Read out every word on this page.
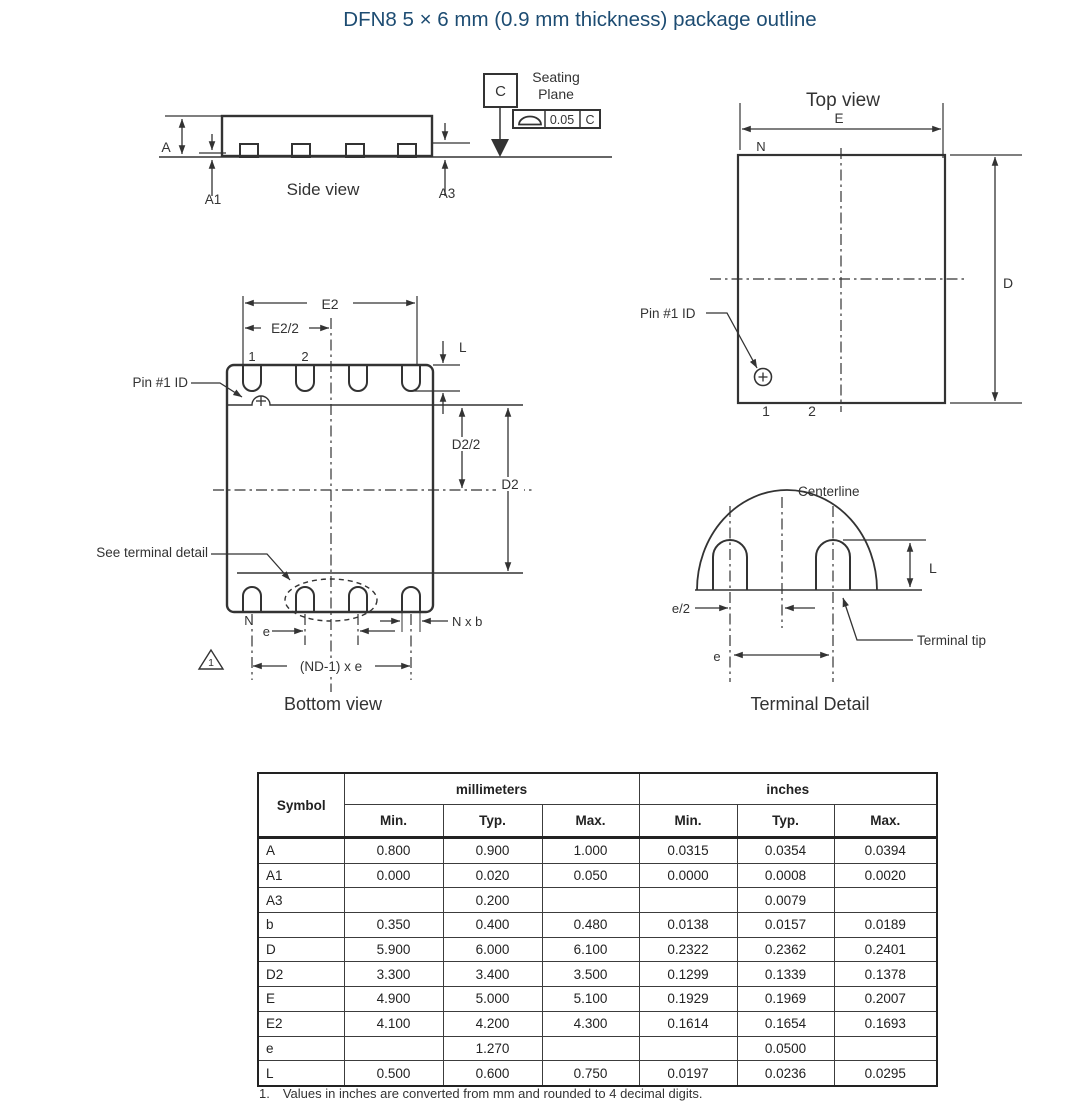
DFN8 5 × 6 mm (0.9 mm thickness) package outline
A
A1	A3
Side view
C
Seating
Plane
0.05 C
Top view
E
N
D
Pin #1 ID
1	2
E2
E2/2
1	2
Pin #1 ID
L
D2/2
D2
See terminal detail
N
e
N x b
1	(ND-1) x e
Bottom view
Centerline
L
e/2
e
Terminal tip
Terminal Detail
Symbol	millimeters			inches		
	Min.	Typ.	Max.	Min.	Typ.	Max.
A	0.800	0.900	1.000	0.0315	0.0354	0.0394
A1	0.000	0.020	0.050	0.0000	0.0008	0.0020
A3		0.200			0.0079	
b	0.350	0.400	0.480	0.0138	0.0157	0.0189
D	5.900	6.000	6.100	0.2322	0.2362	0.2401
D2	3.300	3.400	3.500	0.1299	0.1339	0.1378
E	4.900	5.000	5.100	0.1929	0.1969	0.2007
E2	4.100	4.200	4.300	0.1614	0.1654	0.1693
e		1.270			0.0500	
L	0.500	0.600	0.750	0.0197	0.0236	0.0295
1. Values in inches are converted from mm and rounded to 4 decimal digits.
